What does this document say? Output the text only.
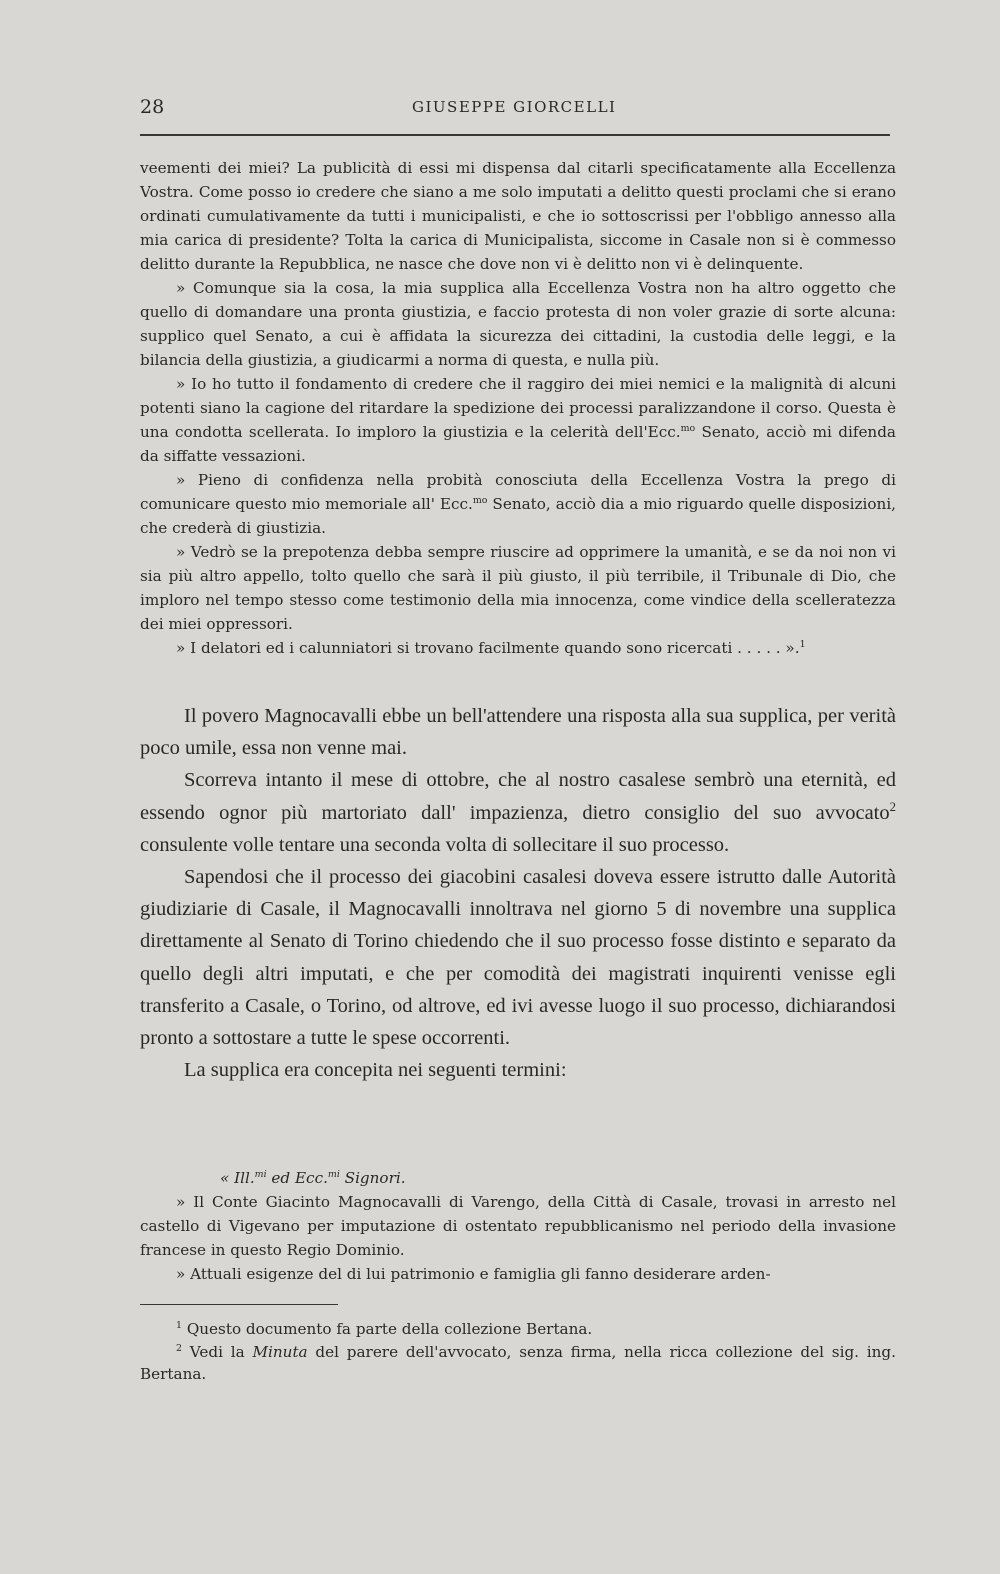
28	GIUSEPPE GIORCELLI

veementi dei miei? La publicità di essi mi dispensa dal citarli specificatamente alla Eccellenza Vostra. Come posso io credere che siano a me solo imputati a delitto questi proclami che si erano ordinati cumulativamente da tutti i municipalisti, e che io sottoscrissi per l'obbligo annesso alla mia carica di presidente? Tolta la carica di Municipalista, siccome in Casale non si è commesso delitto durante la Repubblica, ne nasce che dove non vi è delitto non vi è delinquente.

» Comunque sia la cosa, la mia supplica alla Eccellenza Vostra non ha altro oggetto che quello di domandare una pronta giustizia, e faccio protesta di non voler grazie di sorte alcuna: supplico quel Senato, a cui è affidata la sicurezza dei cittadini, la custodia delle leggi, e la bilancia della giustizia, a giudicarmi a norma di questa, e nulla più.

» Io ho tutto il fondamento di credere che il raggiro dei miei nemici e la malignità di alcuni potenti siano la cagione del ritardare la spedizione dei processi paralizzandone il corso. Questa è una condotta scellerata. Io imploro la giustizia e la celerità dell'Ecc.$^{mo}$ Senato, acciò mi difenda da siffatte vessazioni.

» Pieno di confidenza nella probità conosciuta della Eccellenza Vostra la prego di comunicare questo mio memoriale all' Ecc.$^{mo}$ Senato, acciò dia a mio riguardo quelle disposizioni, che crederà di giustizia.

» Vedrò se la prepotenza debba sempre riuscire ad opprimere la umanità, e se da noi non vi sia più altro appello, tolto quello che sarà il più giusto, il più terribile, il Tribunale di Dio, che imploro nel tempo stesso come testimonio della mia innocenza, come vindice della scelleratezza dei miei oppressori.

» I delatori ed i calunniatori si trovano facilmente quando sono ricercati . . . . . ».$^1$

Il povero Magnocavalli ebbe un bell'attendere una risposta alla sua supplica, per verità poco umile, essa non venne mai.

Scorreva intanto il mese di ottobre, che al nostro casalese sembrò una eternità, ed essendo ognor più martoriato dall' impazienza, dietro consiglio del suo avvocato$^2$ consulente volle tentare una seconda volta di sollecitare il suo processo.

Sapendosi che il processo dei giacobini casalesi doveva essere istrutto dalle Autorità giudiziarie di Casale, il Magnocavalli innoltrava nel giorno 5 di novembre una supplica direttamente al Senato di Torino chiedendo che il suo processo fosse distinto e separato da quello degli altri imputati, e che per comodità dei magistrati inquirenti venisse egli transferito a Casale, o Torino, od altrove, ed ivi avesse luogo il suo processo, dichiarandosi pronto a sottostare a tutte le spese occorrenti.

La supplica era concepita nei seguenti termini:

« Ill.$^{mi}$ ed Ecc.$^{mi}$ Signori.

» Il Conte Giacinto Magnocavalli di Varengo, della Città di Casale, trovasi in arresto nel castello di Vigevano per imputazione di ostentato repubblicanismo nel periodo della invasione francese in questo Regio Dominio.

» Attuali esigenze del di lui patrimonio e famiglia gli fanno desiderare arden-

$^1$ Questo documento fa parte della collezione Bertana.

$^2$ Vedi la Minuta del parere dell'avvocato, senza firma, nella ricca collezione del sig. ing. Bertana.
